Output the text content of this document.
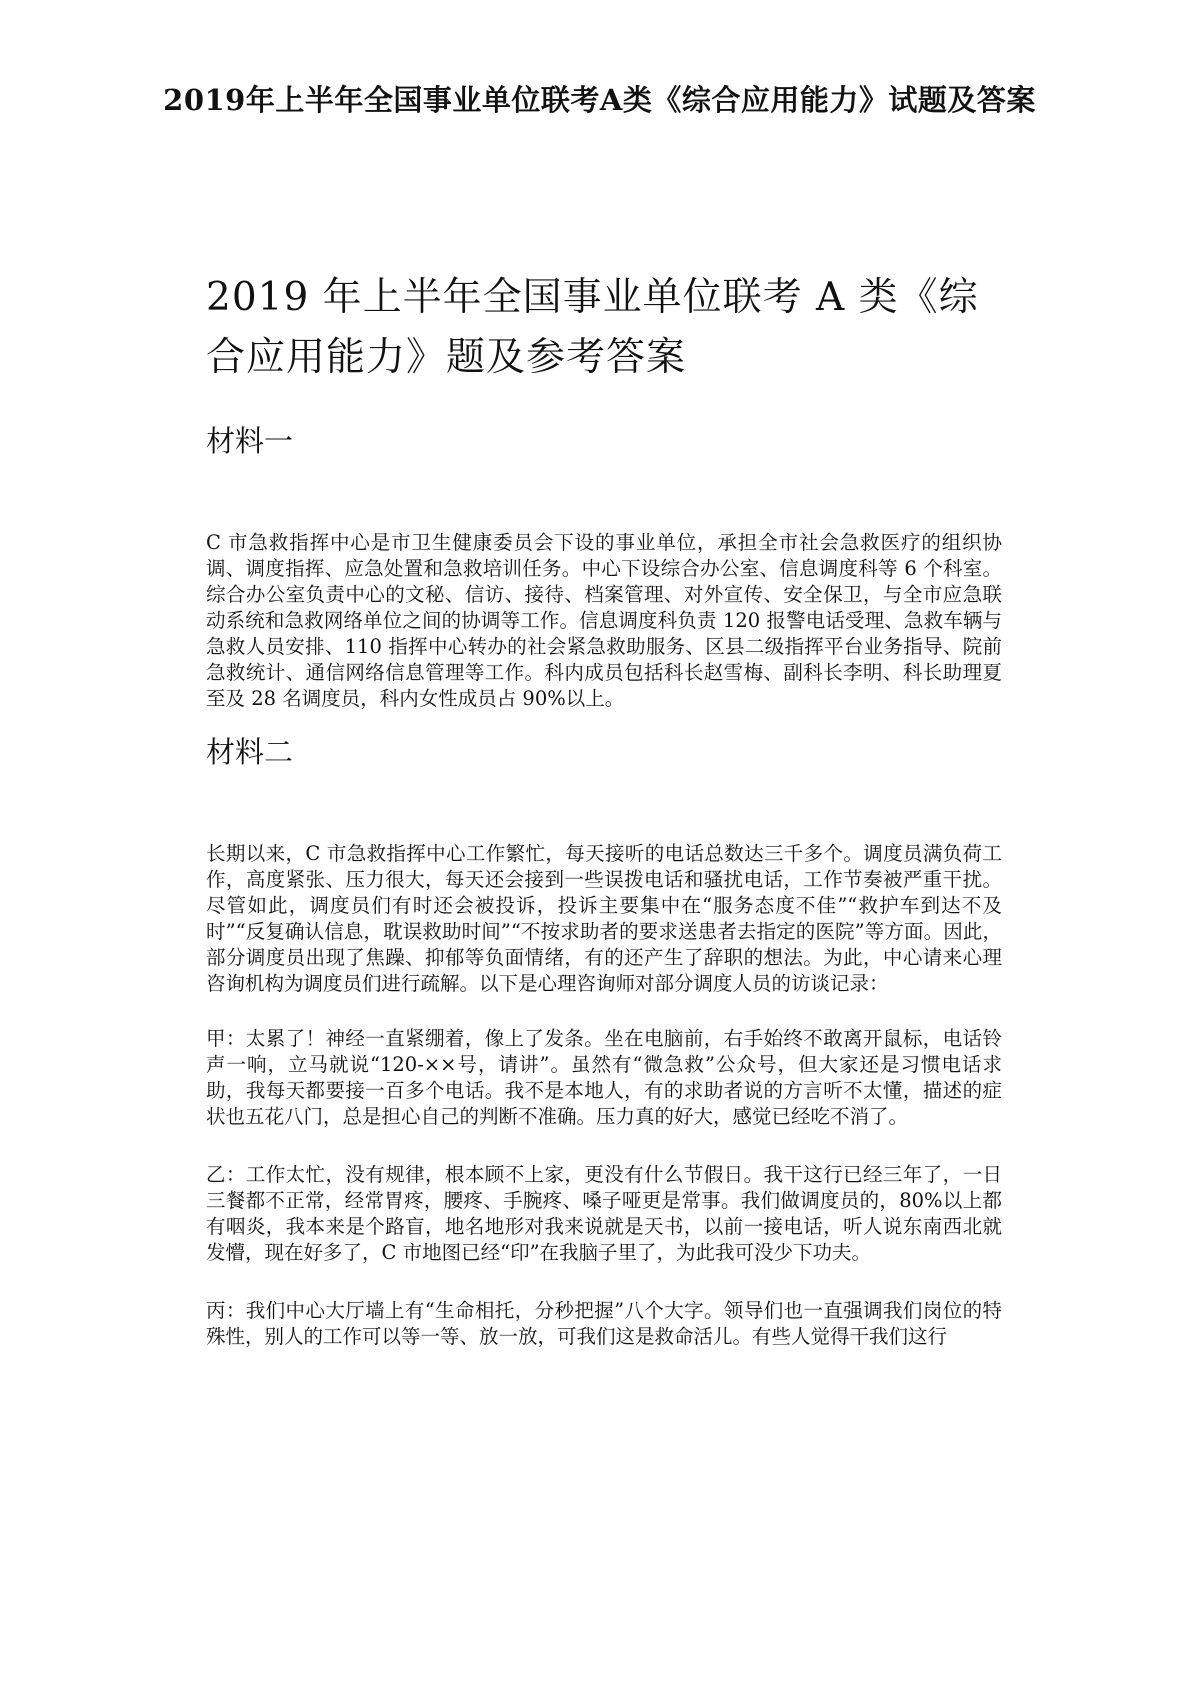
2019年上半年全国事业单位联考A类《综合应用能力》试题及答案
2019 年上半年全国事业单位联考 A 类《综合应用能力》题及参考答案
材料一

C 市急救指挥中心是市卫生健康委员会下设的事业单位，承担全市社会急救医疗的组织协调、调度指挥、应急处置和急救培训任务。中心下设综合办公室、信息调度科等 6 个科室。综合办公室负责中心的文秘、信访、接待、档案管理、对外宣传、安全保卫，与全市应急联动系统和急救网络单位之间的协调等工作。信息调度科负责 120 报警电话受理、急救车辆与急救人员安排、110 指挥中心转办的社会紧急救助服务、区县二级指挥平台业务指导、院前急救统计、通信网络信息管理等工作。科内成员包括科长赵雪梅、副科长李明、科长助理夏至及 28 名调度员，科内女性成员占 90%以上。

材料二

长期以来，C 市急救指挥中心工作繁忙，每天接听的电话总数达三千多个。调度员满负荷工作，高度紧张、压力很大，每天还会接到一些误拨电话和骚扰电话，工作节奏被严重干扰。尽管如此，调度员们有时还会被投诉，投诉主要集中在“服务态度不佳”“救护车到达不及时”“反复确认信息，耽误救助时间”“不按求助者的要求送患者去指定的医院”等方面。因此，部分调度员出现了焦躁、抑郁等负面情绪，有的还产生了辞职的想法。为此，中心请来心理咨询机构为调度员们进行疏解。以下是心理咨询师对部分调度人员的访谈记录：

甲：太累了！神经一直紧绷着，像上了发条。坐在电脑前，右手始终不敢离开鼠标，电话铃声一响，立马就说“120-××号，请讲”。虽然有“微急救”公众号，但大家还是习惯电话求助，我每天都要接一百多个电话。我不是本地人，有的求助者说的方言听不太懂，描述的症状也五花八门，总是担心自己的判断不准确。压力真的好大，感觉已经吃不消了。

乙：工作太忙，没有规律，根本顾不上家，更没有什么节假日。我干这行已经三年了，一日三餐都不正常，经常胃疼，腰疼、手腕疼、嗓子哑更是常事。我们做调度员的，80%以上都有咽炎，我本来是个路盲，地名地形对我来说就是天书，以前一接电话，听人说东南西北就发懵，现在好多了，C 市地图已经“印”在我脑子里了，为此我可没少下功夫。

丙：我们中心大厅墙上有“生命相托，分秒把握”八个大字。领导们也一直强调我们岗位的特殊性，别人的工作可以等一等、放一放，可我们这是救命活儿。有些人觉得干我们这行
